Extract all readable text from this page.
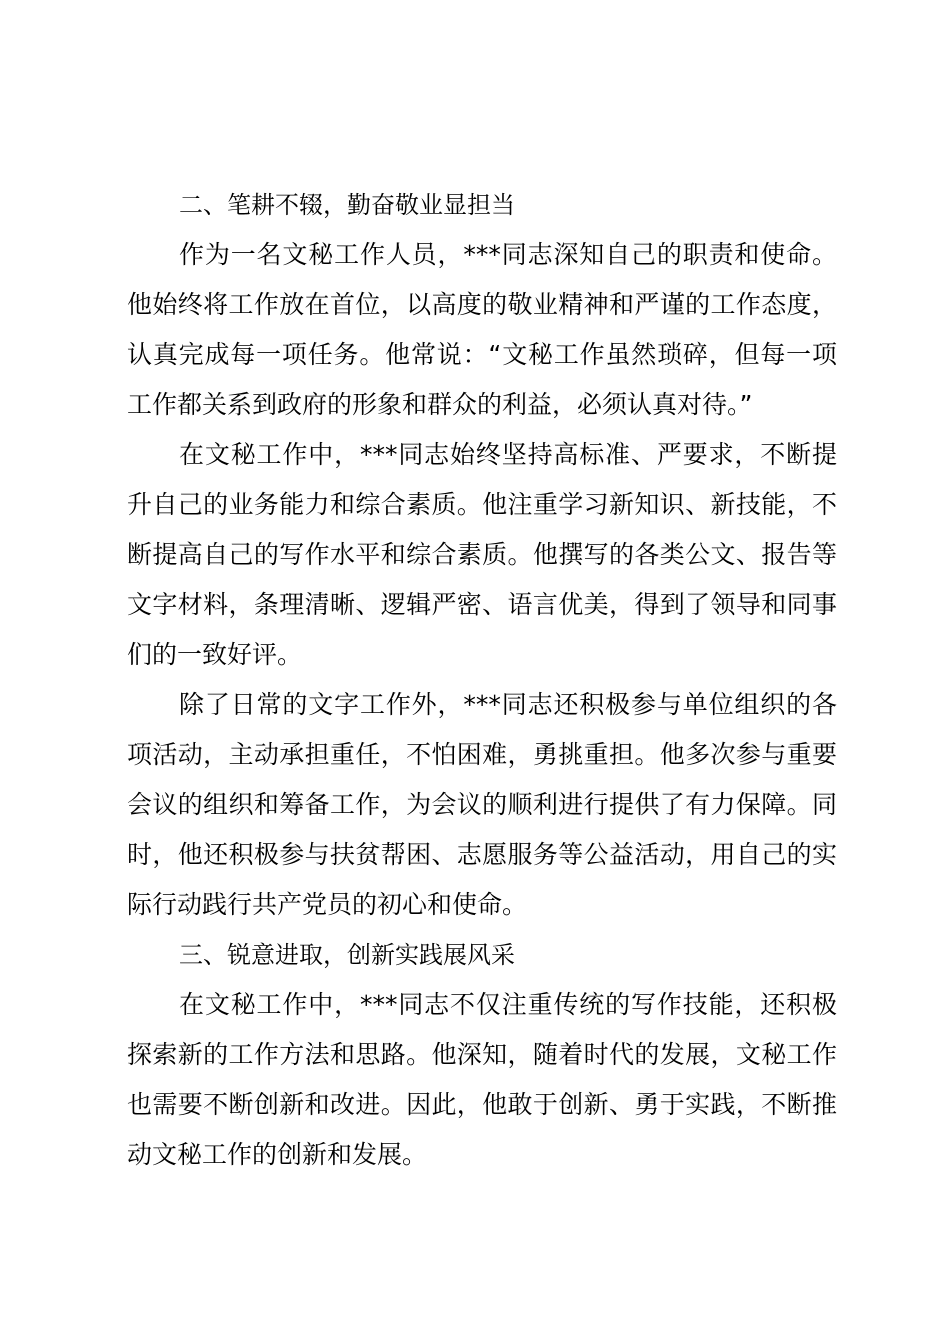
二、笔耕不辍，勤奋敬业显担当

作为一名文秘工作人员，***同志深知自己的职责和使命。他始终将工作放在首位，以高度的敬业精神和严谨的工作态度，认真完成每一项任务。他常说：“文秘工作虽然琐碎，但每一项工作都关系到政府的形象和群众的利益，必须认真对待。”

在文秘工作中，***同志始终坚持高标准、严要求，不断提升自己的业务能力和综合素质。他注重学习新知识、新技能，不断提高自己的写作水平和综合素质。他撰写的各类公文、报告等文字材料，条理清晰、逻辑严密、语言优美，得到了领导和同事们的一致好评。

除了日常的文字工作外，***同志还积极参与单位组织的各项活动，主动承担重任，不怕困难，勇挑重担。他多次参与重要会议的组织和筹备工作，为会议的顺利进行提供了有力保障。同时，他还积极参与扶贫帮困、志愿服务等公益活动，用自己的实际行动践行共产党员的初心和使命。

三、锐意进取，创新实践展风采

在文秘工作中，***同志不仅注重传统的写作技能，还积极探索新的工作方法和思路。他深知，随着时代的发展，文秘工作也需要不断创新和改进。因此，他敢于创新、勇于实践，不断推动文秘工作的创新和发展。
